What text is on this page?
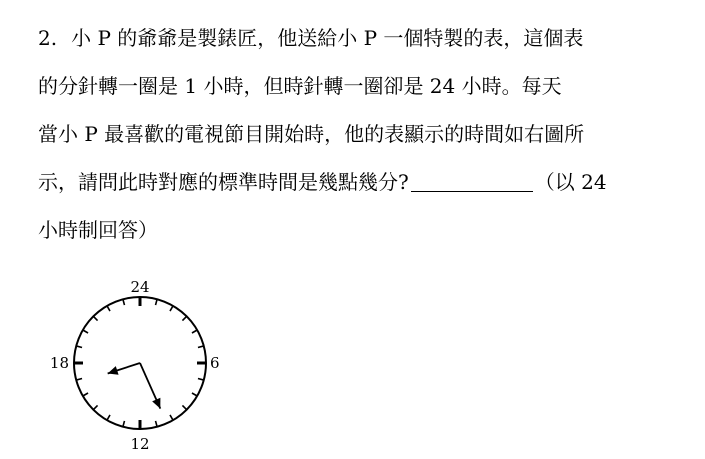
2. 小 P 的爺爺是製錶匠，他送給小 P 一個特製的表，這個表
的分針轉一圈是 1 小時，但時針轉一圈卻是 24 小時。每天
當小 P 最喜歡的電視節目開始時，他的表顯示的時間如右圖所
示，請問此時對應的標準時間是幾點幾分?	（以 24
小時制回答）
24
6
12
18
